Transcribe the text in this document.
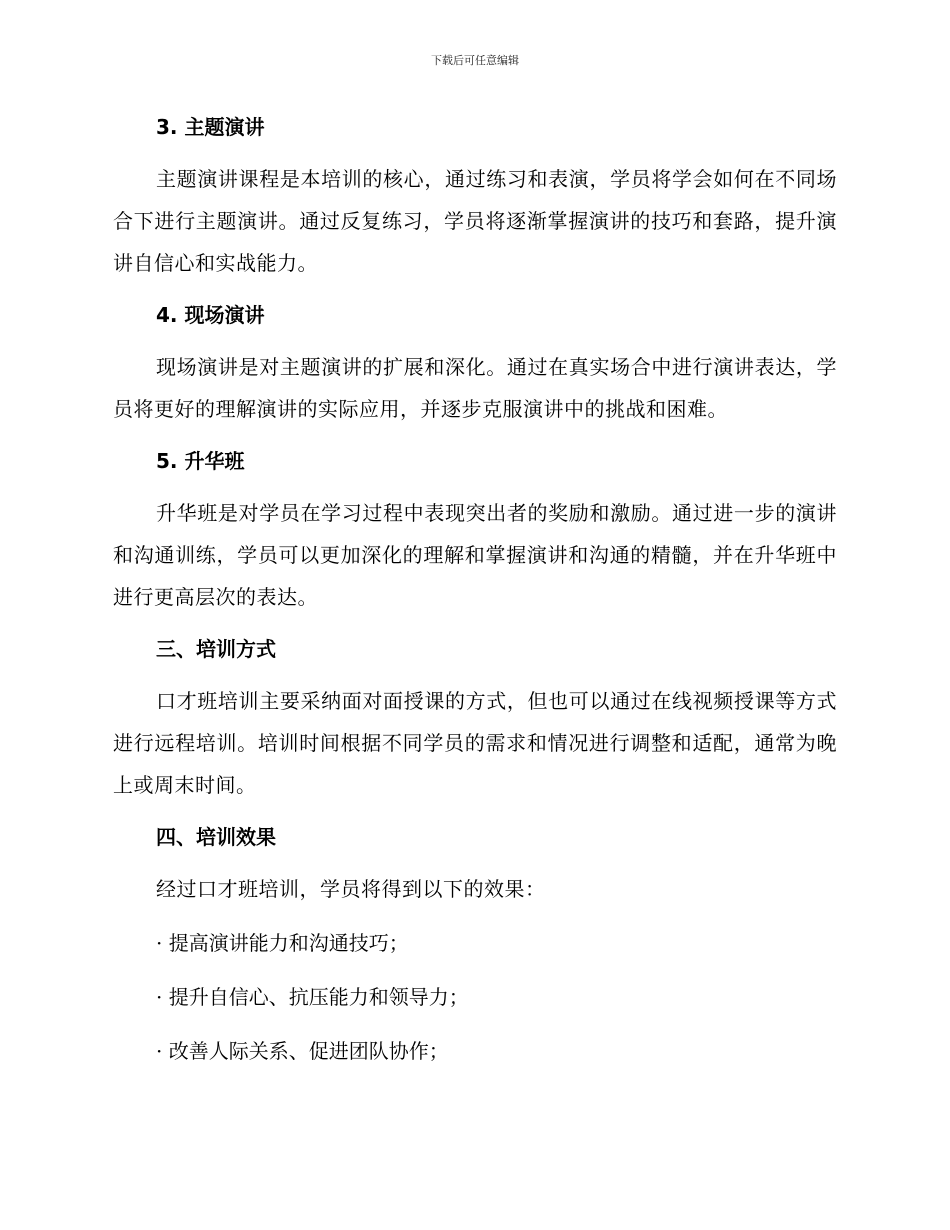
下载后可任意编辑
3. 主题演讲

主题演讲课程是本培训的核心，通过练习和表演，学员将学会如何在不同场合下进行主题演讲。通过反复练习，学员将逐渐掌握演讲的技巧和套路，提升演讲自信心和实战能力。

4. 现场演讲

现场演讲是对主题演讲的扩展和深化。通过在真实场合中进行演讲表达，学员将更好的理解演讲的实际应用，并逐步克服演讲中的挑战和困难。

5. 升华班

升华班是对学员在学习过程中表现突出者的奖励和激励。通过进一步的演讲和沟通训练，学员可以更加深化的理解和掌握演讲和沟通的精髓，并在升华班中进行更高层次的表达。

三、培训方式

口才班培训主要采纳面对面授课的方式，但也可以通过在线视频授课等方式进行远程培训。培训时间根据不同学员的需求和情况进行调整和适配，通常为晚上或周末时间。

四、培训效果

经过口才班培训，学员将得到以下的效果：

· 提高演讲能力和沟通技巧；
· 提升自信心、抗压能力和领导力；
· 改善人际关系、促进团队协作；
